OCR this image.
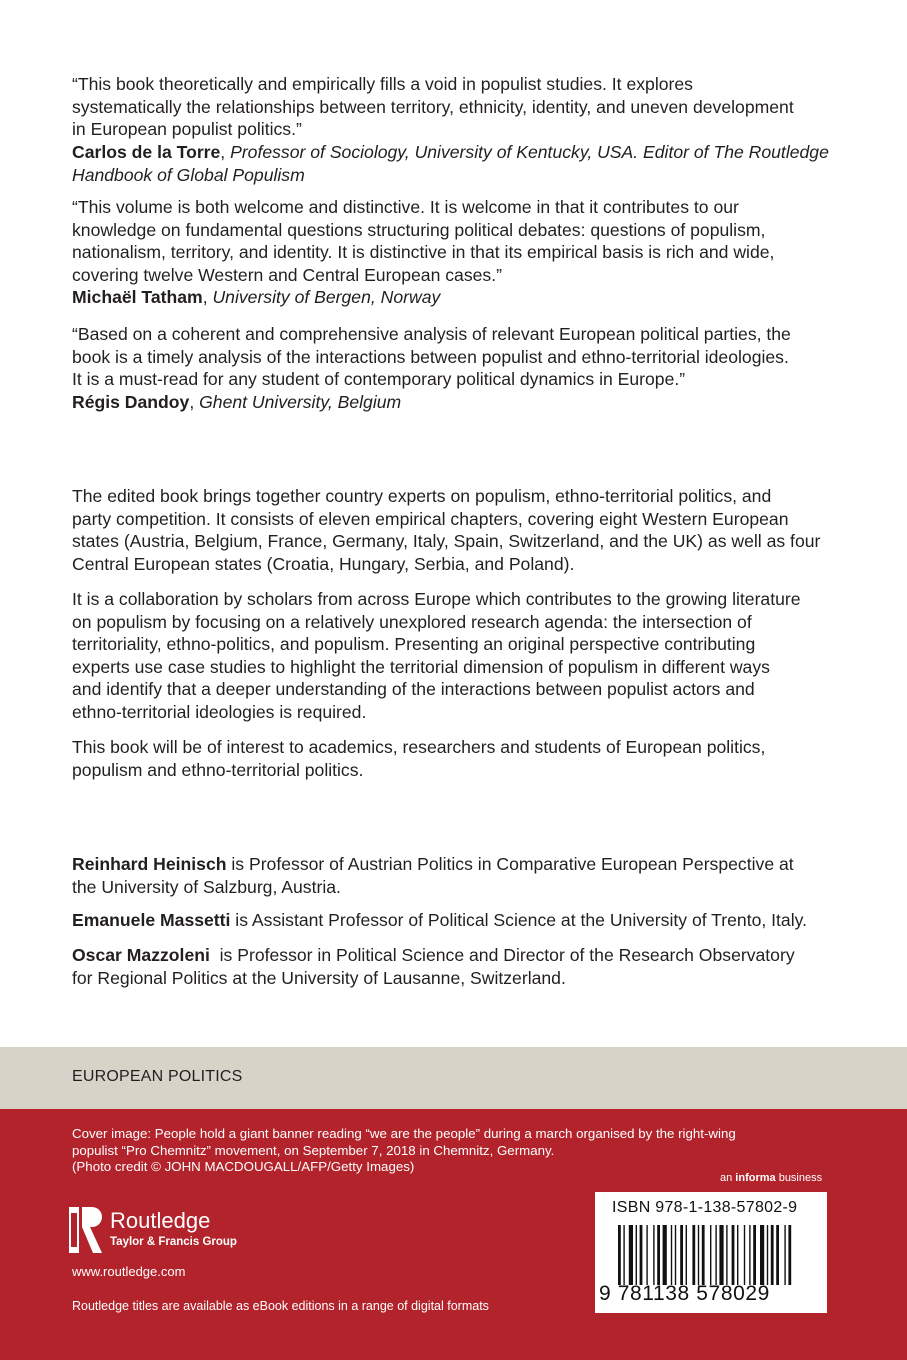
“This book theoretically and empirically fills a void in populist studies. It explores
systematically the relationships between territory, ethnicity, identity, and uneven development
in European populist politics.”
Carlos de la Torre, Professor of Sociology, University of Kentucky, USA. Editor of The Routledge
Handbook of Global Populism
“This volume is both welcome and distinctive. It is welcome in that it contributes to our
knowledge on fundamental questions structuring political debates: questions of populism,
nationalism, territory, and identity. It is distinctive in that its empirical basis is rich and wide,
covering twelve Western and Central European cases.”
Michaël Tatham, University of Bergen, Norway
“Based on a coherent and comprehensive analysis of relevant European political parties, the
book is a timely analysis of the interactions between populist and ethno-territorial ideologies.
It is a must-read for any student of contemporary political dynamics in Europe.”
Régis Dandoy, Ghent University, Belgium
The edited book brings together country experts on populism, ethno-territorial politics, and
party competition. It consists of eleven empirical chapters, covering eight Western European
states (Austria, Belgium, France, Germany, Italy, Spain, Switzerland, and the UK) as well as four
Central European states (Croatia, Hungary, Serbia, and Poland).
It is a collaboration by scholars from across Europe which contributes to the growing literature
on populism by focusing on a relatively unexplored research agenda: the intersection of
territoriality, ethno-politics, and populism. Presenting an original perspective contributing
experts use case studies to highlight the territorial dimension of populism in different ways
and identify that a deeper understanding of the interactions between populist actors and
ethno-territorial ideologies is required.
This book will be of interest to academics, researchers and students of European politics,
populism and ethno-territorial politics.
Reinhard Heinisch is Professor of Austrian Politics in Comparative European Perspective at
the University of Salzburg, Austria.
Emanuele Massetti is Assistant Professor of Political Science at the University of Trento, Italy.
Oscar Mazzoleni  is Professor in Political Science and Director of the Research Observatory
for Regional Politics at the University of Lausanne, Switzerland.
EUROPEAN POLITICS
Cover image: People hold a giant banner reading “we are the people” during a march organised by the right-wing
populist “Pro Chemnitz” movement, on September 7, 2018 in Chemnitz, Germany.
(Photo credit © JOHN MACDOUGALL/AFP/Getty Images)
an informa business
Routledge
Taylor & Francis Group
www.routledge.com
Routledge titles are available as eBook editions in a range of digital formats
ISBN 978-1-138-57802-9
9 781138 578029
